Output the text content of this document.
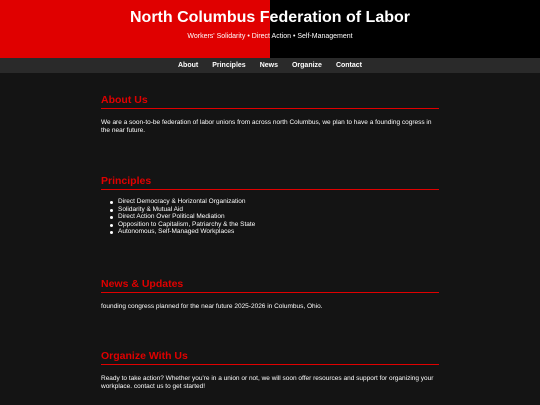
North Columbus Federation of Labor
Workers' Solidarity • Direct Action • Self-Management
About Principles News Organize Contact
About Us

We are a soon-to-be federation of labor unions from across north Columbus, we plan to have a founding cogress in the near future.

Principles
Direct Democracy & Horizontal Organization
Solidarity & Mutual Aid
Direct Action Over Political Mediation
Opposition to Capitalism, Patriarchy & the State
Autonomous, Self-Managed Workplaces
News & Updates

founding congress planned for the near future 2025-2026 in Columbus, Ohio.

Organize With Us

Ready to take action? Whether you're in a union or not, we will soon offer resources and support for organizing your workplace. contact us to get started!
